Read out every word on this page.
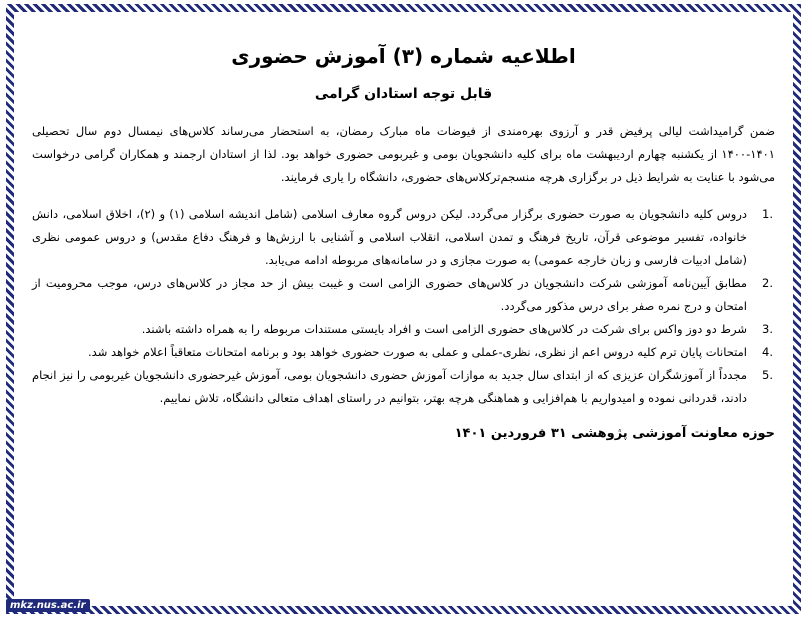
اطلاعیه شماره (۳) آموزش حضوری
قابل توجه استادان گرامی

ضمن گرامیداشت لیالی پرفیض قدر و آرزوی بهره‌مندی از فیوضات ماه مبارک رمضان، به استحضار می‌رساند کلاس‌های نیمسال دوم سال تحصیلی ۱۴۰۱-۱۴۰۰ از یکشنبه چهارم اردیبهشت ماه برای کلیه دانشجویان بومی و غیربومی حضوری خواهد بود. لذا از استادان ارجمند و همکاران گرامی درخواست می‌شود با عنایت به شرایط ذیل در برگزاری هرچه منسجم‌ترکلاس‌های حضوری، دانشگاه را یاری فرمایند.

.1
دروس کلیه دانشجویان به صورت حضوری برگزار می‌گردد. لیکن دروس گروه معارف اسلامی (شامل اندیشه اسلامی (۱) و (۲)، اخلاق اسلامی، دانش خانواده، تفسیر موضوعی قرآن، تاریخ فرهنگ و تمدن اسلامی، انقلاب اسلامی و آشنایی با ارزش‌ها و فرهنگ دفاع مقدس) و دروس عمومی نظری (شامل ادبیات فارسی و زبان خارجه عمومی) به صورت مجازی و در سامانه‌های مربوطه ادامه می‌یابد.
.2
مطابق آیین‌نامه آموزشی شرکت دانشجویان در کلاس‌های حضوری الزامی است و غیبت بیش از حد مجاز در کلاس‌های درس، موجب محرومیت از امتحان و درج نمره صفر برای درس مذکور می‌گردد.
.3
شرط دو دوز واکس برای شرکت در کلاس‌های حضوری الزامی است و افراد بایستی مستندات مربوطه را به همراه داشته باشند.
.4
امتحانات پایان ترم کلیه دروس اعم از نظری، نظری-عملی و عملی به صورت حضوری خواهد بود و برنامه امتحانات متعاقباً اعلام خواهد شد.
.5
مجدداً از آموزشگران عزیزی که از ابتدای سال جدید به موازات آموزش حضوری دانشجویان بومی، آموزش غیرحضوری دانشجویان غیربومی را نیز انجام دادند، قدردانی نموده و امیدواریم با هم‌افزایی و هماهنگی هرچه بهتر، بتوانیم در راستای اهداف متعالی دانشگاه، تلاش نماییم.
حوزه معاونت آموزشی پژوهشی ۳۱ فروردین ۱۴۰۱
mkz.nus.ac.ir
